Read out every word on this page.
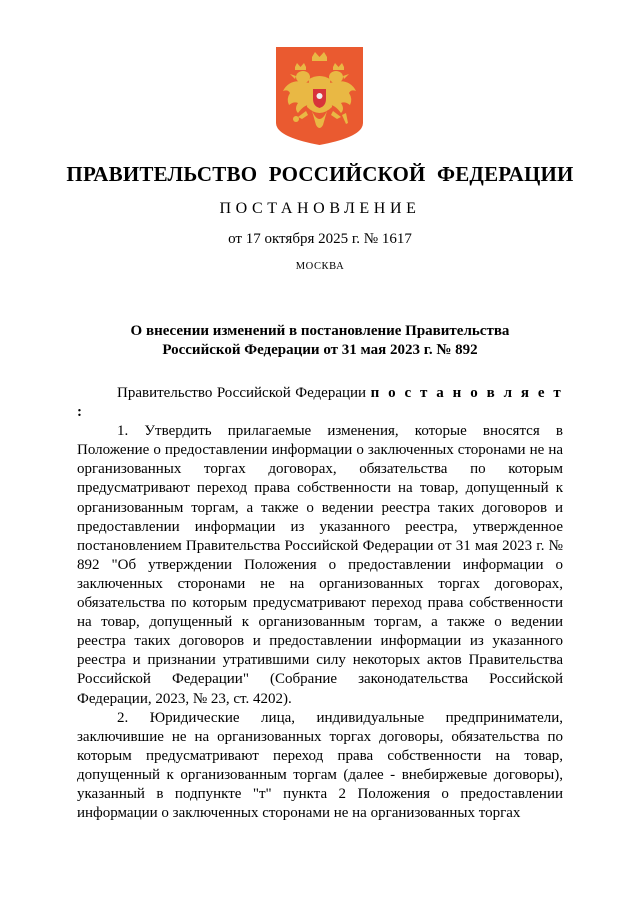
ПРАВИТЕЛЬСТВО РОССИЙСКОЙ ФЕДЕРАЦИИ
ПОСТАНОВЛЕНИЕ
от 17 октября 2025 г. № 1617
МОСКВА
О внесении изменений в постановление Правительства
Российской Федерации от 31 мая 2023 г. № 892

Правительство Российской Федерации п о с т а н о в л я е т :

1. Утвердить прилагаемые изменения, которые вносятся в Положение о предоставлении информации о заключенных сторонами не на организованных торгах договорах, обязательства по которым предусматривают переход права собственности на товар, допущенный к организованным торгам, а также о ведении реестра таких договоров и предоставлении информации из указанного реестра, утвержденное постановлением Правительства Российской Федерации от 31 мая 2023 г. № 892 "Об утверждении Положения о предоставлении информации о заключенных сторонами не на организованных торгах договорах, обязательства по которым предусматривают переход права собственности на товар, допущенный к организованным торгам, а также о ведении реестра таких договоров и предоставлении информации из указанного реестра и признании утратившими силу некоторых актов Правительства Российской Федерации" (Собрание законодательства Российской Федерации, 2023, № 23, ст. 4202).

2. Юридические лица, индивидуальные предприниматели, заключившие не на организованных торгах договоры, обязательства по которым предусматривают переход права собственности на товар, допущенный к организованным торгам (далее - внебиржевые договоры), указанный в подпункте "т" пункта 2 Положения о предоставлении информации о заключенных сторонами не на организованных торгах
